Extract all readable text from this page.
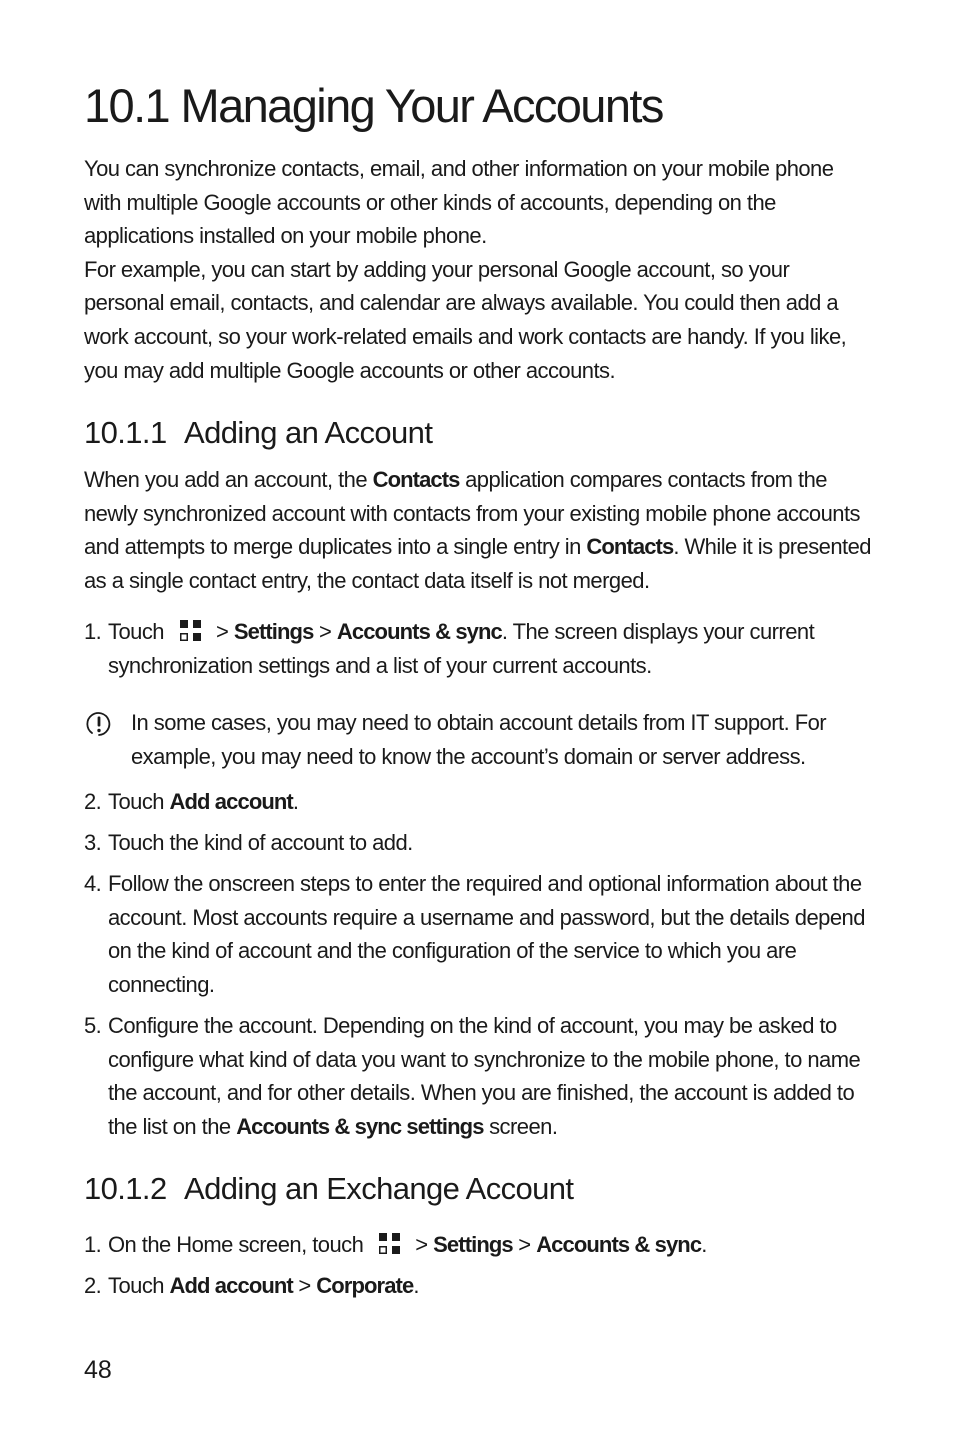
10.1 Managing Your Accounts
You can synchronize contacts, email, and other information on your mobile phone
with multiple Google accounts or other kinds of accounts, depending on the
applications installed on your mobile phone.
For example, you can start by adding your personal Google account, so your
personal email, contacts, and calendar are always available. You could then add a
work account, so your work-related emails and work contacts are handy. If you like,
you may add multiple Google accounts or other accounts.
10.1.1 Adding an Account
When you add an account, the Contacts application compares contacts from the
newly synchronized account with contacts from your existing mobile phone accounts
and attempts to merge duplicates into a single entry in Contacts. While it is presented
as a single contact entry, the contact data itself is not merged.
1. Touch > Settings > Accounts & sync. The screen displays your current
synchronization settings and a list of your current accounts.
In some cases, you may need to obtain account details from IT support. For
example, you may need to know the account’s domain or server address.
2. Touch Add account.
3. Touch the kind of account to add.
4. Follow the onscreen steps to enter the required and optional information about the
account. Most accounts require a username and password, but the details depend
on the kind of account and the configuration of the service to which you are
connecting.
5. Configure the account. Depending on the kind of account, you may be asked to
configure what kind of data you want to synchronize to the mobile phone, to name
the account, and for other details. When you are finished, the account is added to
the list on the Accounts & sync settings screen.
10.1.2 Adding an Exchange Account
1. On the Home screen, touch > Settings > Accounts & sync.
2. Touch Add account > Corporate.
48
